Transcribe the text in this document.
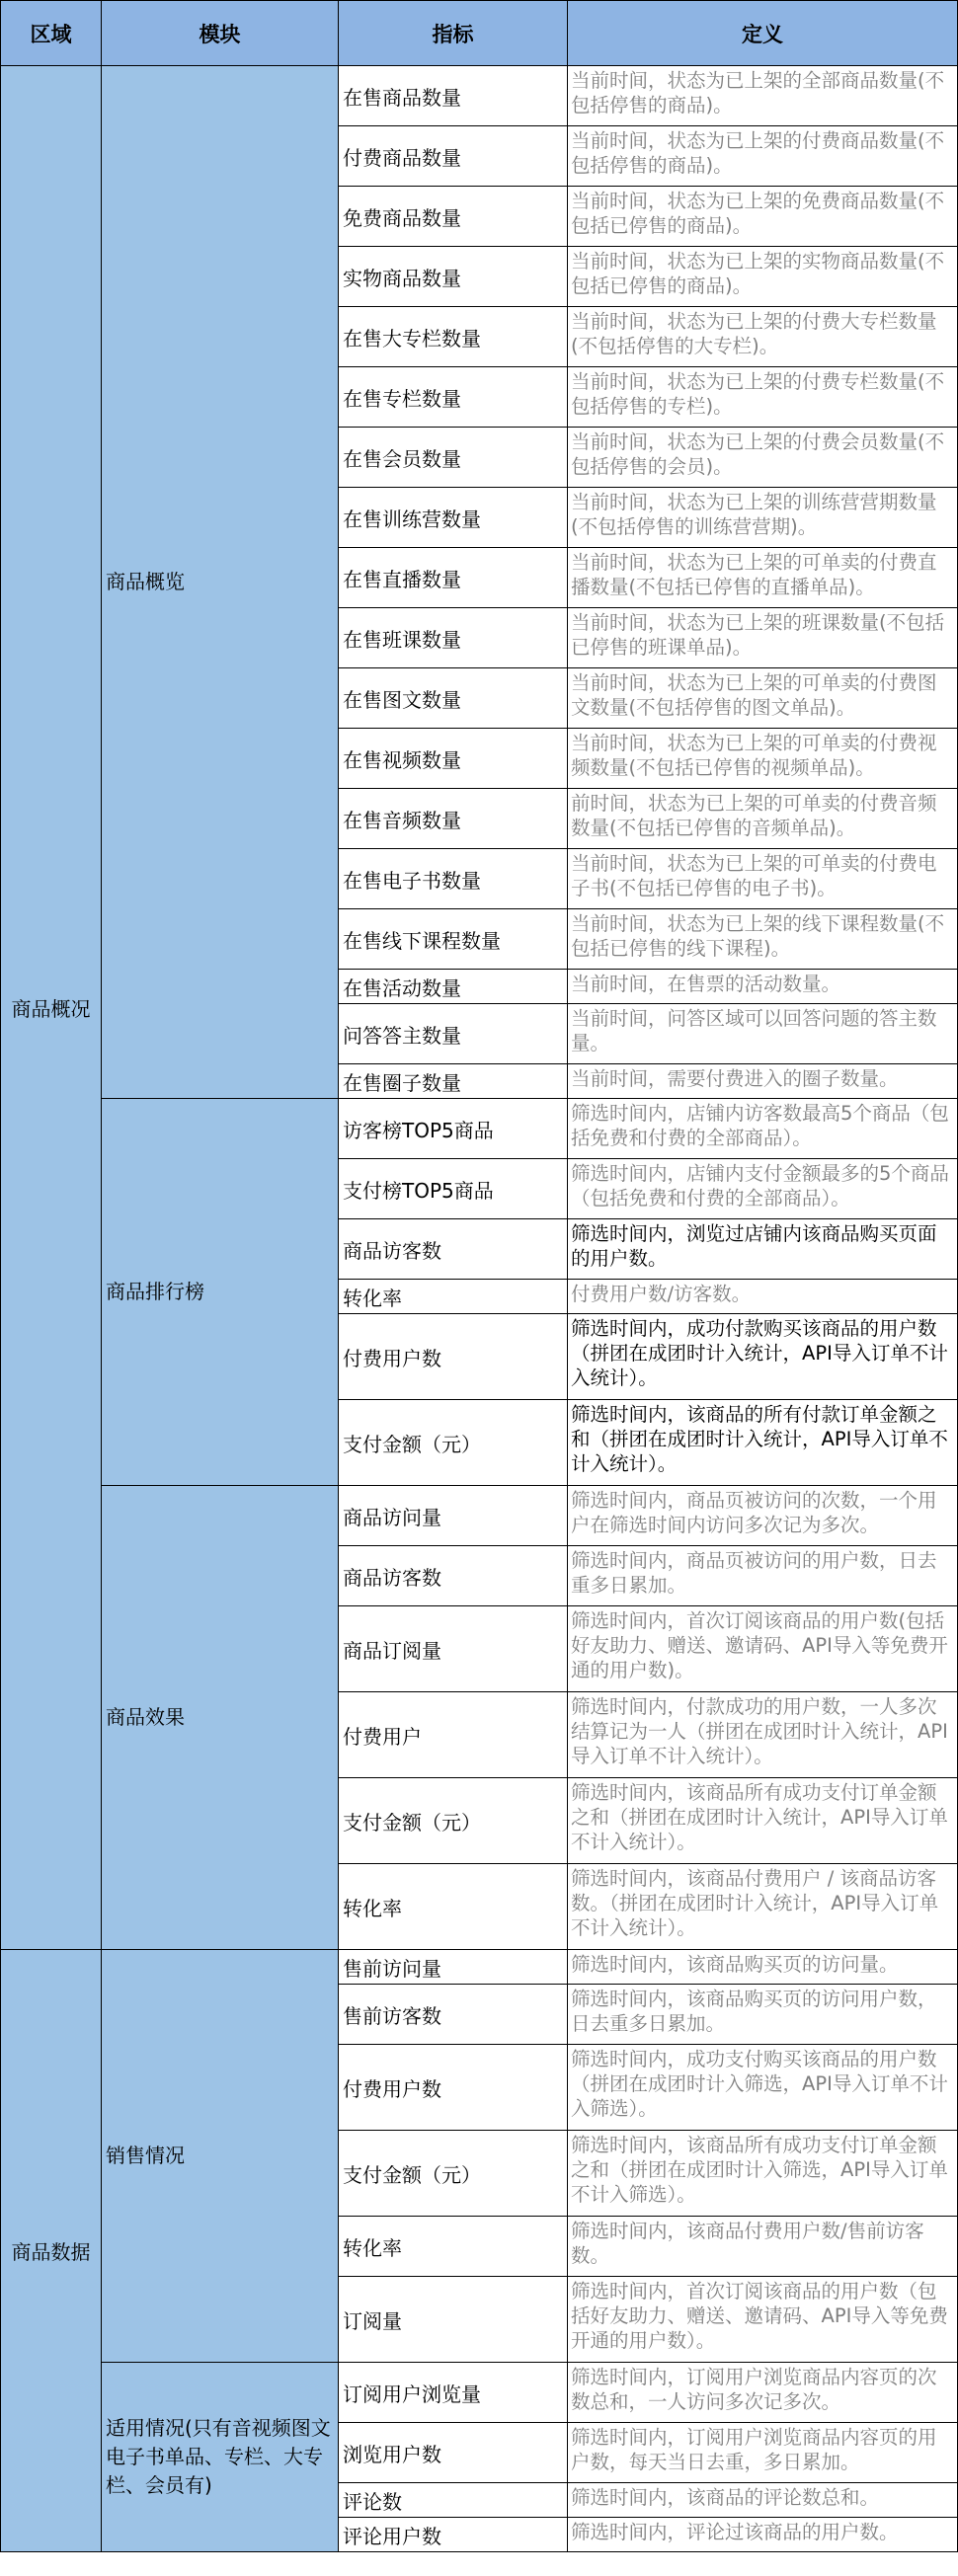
区域	模块	指标	定义
商品概况	商品概览	在售商品数量	当前时间，状态为已上架的全部商品数量(不包括停售的商品)。
		付费商品数量	当前时间，状态为已上架的付费商品数量(不包括停售的商品)。
		免费商品数量	当前时间，状态为已上架的免费商品数量(不包括已停售的商品)。
		实物商品数量	当前时间，状态为已上架的实物商品数量(不包括已停售的商品)。
		在售大专栏数量	当前时间，状态为已上架的付费大专栏数量(不包括停售的大专栏)。
		在售专栏数量	当前时间，状态为已上架的付费专栏数量(不包括停售的专栏)。
		在售会员数量	当前时间，状态为已上架的付费会员数量(不包括停售的会员)。
		在售训练营数量	当前时间，状态为已上架的训练营营期数量(不包括停售的训练营营期)。
		在售直播数量	当前时间，状态为已上架的可单卖的付费直播数量(不包括已停售的直播单品)。
		在售班课数量	当前时间，状态为已上架的班课数量(不包括已停售的班课单品)。
		在售图文数量	当前时间，状态为已上架的可单卖的付费图文数量(不包括停售的图文单品)。
		在售视频数量	当前时间，状态为已上架的可单卖的付费视频数量(不包括已停售的视频单品)。
		在售音频数量	前时间，状态为已上架的可单卖的付费音频数量(不包括已停售的音频单品)。
		在售电子书数量	当前时间，状态为已上架的可单卖的付费电子书(不包括已停售的电子书)。
		在售线下课程数量	当前时间，状态为已上架的线下课程数量(不包括已停售的线下课程)。
		在售活动数量	当前时间，在售票的活动数量。
		问答答主数量	当前时间，问答区域可以回答问题的答主数量。
		在售圈子数量	当前时间，需要付费进入的圈子数量。
	商品排行榜	访客榜TOP5商品	筛选时间内，店铺内访客数最高5个商品（包括免费和付费的全部商品）。
		支付榜TOP5商品	筛选时间内，店铺内支付金额最多的5个商品（包括免费和付费的全部商品）。
		商品访客数	筛选时间内，浏览过店铺内该商品购买页面的用户数。
		转化率	付费用户数/访客数。
		付费用户数	筛选时间内，成功付款购买该商品的用户数（拼团在成团时计入统计，API导入订单不计入统计）。
		支付金额（元）	筛选时间内，该商品的所有付款订单金额之和（拼团在成团时计入统计，API导入订单不计入统计）。
	商品效果	商品访问量	筛选时间内，商品页被访问的次数，一个用户在筛选时间内访问多次记为多次。
		商品访客数	筛选时间内，商品页被访问的用户数，日去重多日累加。
		商品订阅量	筛选时间内，首次订阅该商品的用户数(包括好友助力、赠送、邀请码、API导入等免费开通的用户数)。
		付费用户	筛选时间内，付款成功的用户数，一人多次结算记为一人（拼团在成团时计入统计，API导入订单不计入统计）。
		支付金额（元）	筛选时间内，该商品所有成功支付订单金额之和（拼团在成团时计入统计，API导入订单不计入统计）。
		转化率	筛选时间内，该商品付费用户 / 该商品访客数。（拼团在成团时计入统计，API导入订单不计入统计）。
商品数据	销售情况	售前访问量	筛选时间内，该商品购买页的访问量。
		售前访客数	筛选时间内，该商品购买页的访问用户数，日去重多日累加。
		付费用户数	筛选时间内，成功支付购买该商品的用户数（拼团在成团时计入筛选，API导入订单不计入筛选）。
		支付金额（元）	筛选时间内，该商品所有成功支付订单金额之和（拼团在成团时计入筛选，API导入订单不计入筛选）。
		转化率	筛选时间内，该商品付费用户数/售前访客数。
		订阅量	筛选时间内，首次订阅该商品的用户数（包括好友助力、赠送、邀请码、API导入等免费开通的用户数）。
	适用情况(只有音视频图文电子书单品、专栏、大专栏、会员有)	订阅用户浏览量	筛选时间内，订阅用户浏览商品内容页的次数总和，一人访问多次记多次。
		浏览用户数	筛选时间内，订阅用户浏览商品内容页的用户数，每天当日去重，多日累加。
		评论数	筛选时间内，该商品的评论数总和。
		评论用户数	筛选时间内，评论过该商品的用户数。
